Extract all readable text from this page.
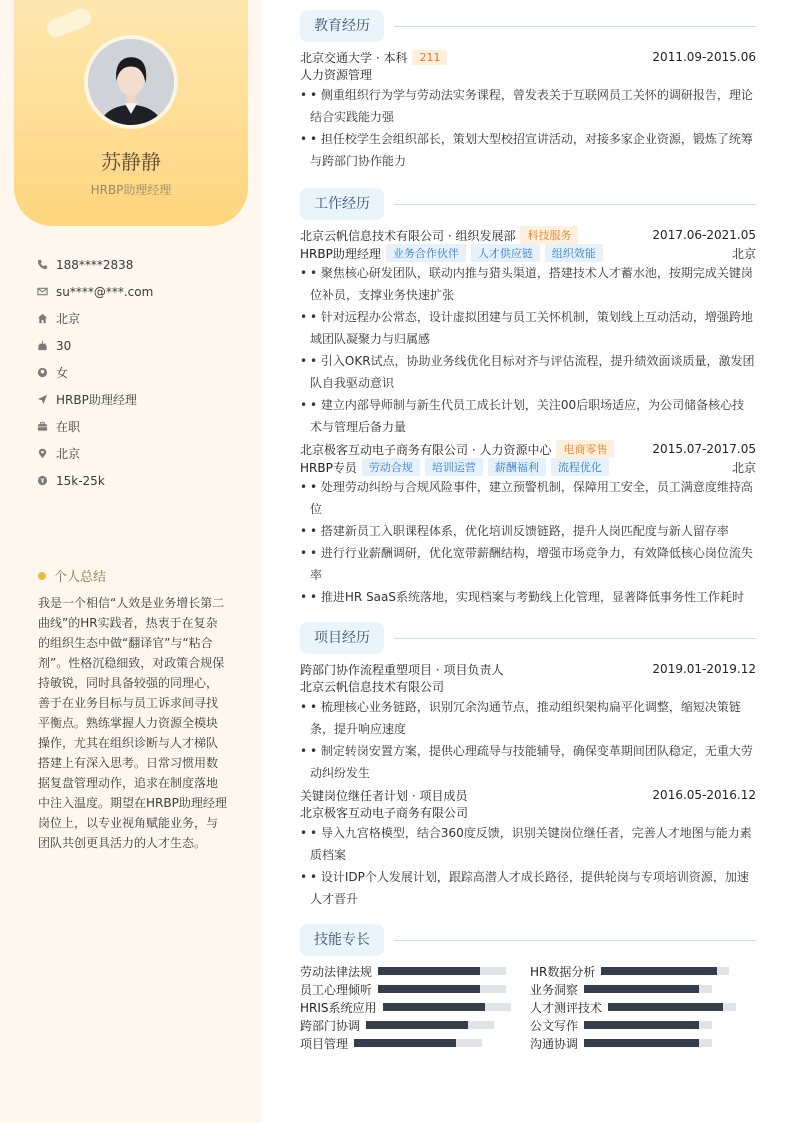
苏静静
HRBP助理经理
188****2838
su****@***.com
北京
30
女
HRBP助理经理
在职
北京
15k-25k
个人总结
我是一个相信“人效是业务增长第二曲线”的HR实践者，热衷于在复杂的组织生态中做“翻译官”与“粘合剂”。性格沉稳细致，对政策合规保持敏锐，同时具备较强的同理心，善于在业务目标与员工诉求间寻找平衡点。熟练掌握人力资源全模块操作，尤其在组织诊断与人才梯队搭建上有深入思考。日常习惯用数据复盘管理动作，追求在制度落地中注入温度。期望在HRBP助理经理岗位上，以专业视角赋能业务，与团队共创更具活力的人才生态。
教育经历
北京交通大学 · 本科	211	2011.09-2015.06
人力资源管理
• • 侧重组织行为学与劳动法实务课程，曾发表关于互联网员工关怀的调研报告，理论结合实践能力强
• • 担任校学生会组织部长，策划大型校招宣讲活动，对接多家企业资源，锻炼了统筹与跨部门协作能力
工作经历
北京云帆信息技术有限公司 · 组织发展部	科技服务	2017.06-2021.05
HRBP助理经理	业务合作伙伴	人才供应链	组织效能	北京
• • 聚焦核心研发团队，联动内推与猎头渠道，搭建技术人才蓄水池，按期完成关键岗位补员，支撑业务快速扩张
• • 针对远程办公常态，设计虚拟团建与员工关怀机制，策划线上互动活动，增强跨地域团队凝聚力与归属感
• • 引入OKR试点，协助业务线优化目标对齐与评估流程，提升绩效面谈质量，激发团队自我驱动意识
• • 建立内部导师制与新生代员工成长计划，关注00后职场适应，为公司储备核心技术与管理后备力量
北京极客互动电子商务有限公司 · 人力资源中心	电商零售	2015.07-2017.05
HRBP专员	劳动合规	培训运营	薪酬福利	流程优化	北京
• • 处理劳动纠纷与合规风险事件，建立预警机制，保障用工安全，员工满意度维持高位
• • 搭建新员工入职课程体系，优化培训反馈链路，提升人岗匹配度与新人留存率
• • 进行行业薪酬调研，优化宽带薪酬结构，增强市场竞争力，有效降低核心岗位流失率
• • 推进HR SaaS系统落地，实现档案与考勤线上化管理，显著降低事务性工作耗时
项目经历
跨部门协作流程重塑项目 · 项目负责人	2019.01-2019.12
北京云帆信息技术有限公司
• • 梳理核心业务链路，识别冗余沟通节点，推动组织架构扁平化调整，缩短决策链条，提升响应速度
• • 制定转岗安置方案，提供心理疏导与技能辅导，确保变革期间团队稳定，无重大劳动纠纷发生
关键岗位继任者计划 · 项目成员	2016.05-2016.12
北京极客互动电子商务有限公司
• • 导入九宫格模型，结合360度反馈，识别关键岗位继任者，完善人才地图与能力素质档案
• • 设计IDP个人发展计划，跟踪高潜人才成长路径，提供轮岗与专项培训资源，加速人才晋升
技能专长
劳动法律法规	HR数据分析
员工心理倾听	业务洞察
HRIS系统应用	人才测评技术
跨部门协调	公文写作
项目管理	沟通协调
